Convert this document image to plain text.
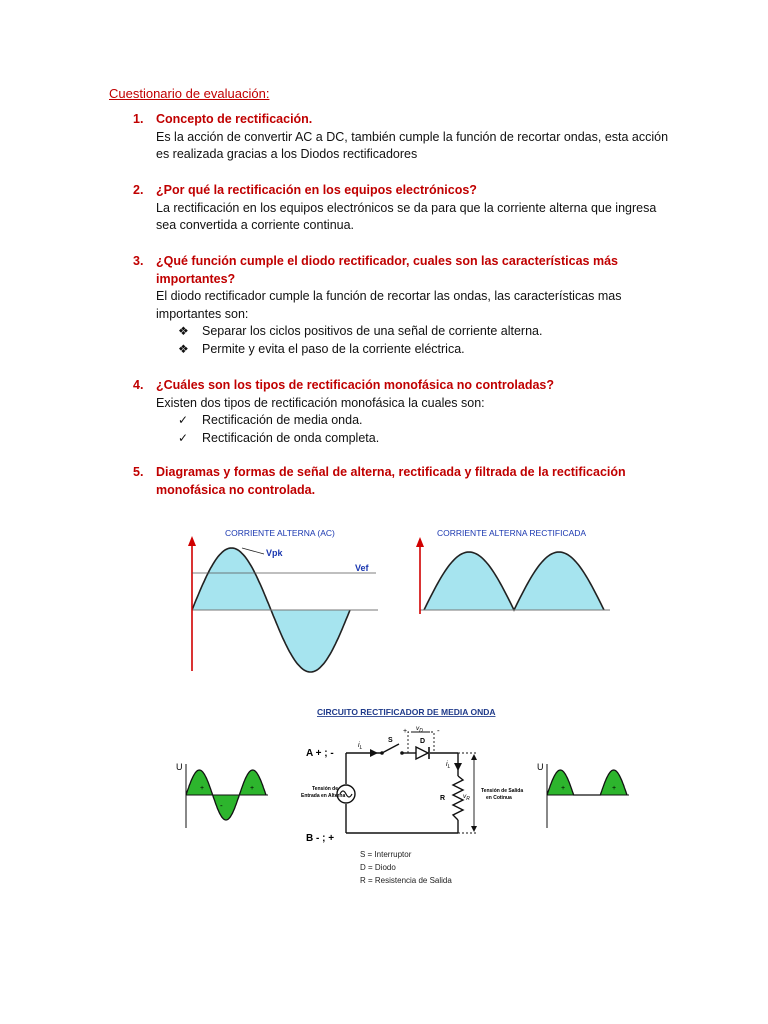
Cuestionario de evaluación:
1. Concepto de rectificación.
Es la acción de convertir AC a DC, también cumple la función de recortar ondas, esta acción es realizada gracias a los Diodos rectificadores
2. ¿Por qué la rectificación en los equipos electrónicos?
La rectificación en los equipos electrónicos se da para que la corriente alterna que ingresa sea convertida a corriente continua.
3. ¿Qué función cumple el diodo rectificador, cuales son las características más importantes?
El diodo rectificador cumple la función de recortar las ondas, las características mas importantes son:
❖ Separar los ciclos positivos de una señal de corriente alterna.
❖ Permite y evita el paso de la corriente eléctrica.
4. ¿Cuáles son los tipos de rectificación monofásica no controladas?
Existen dos tipos de rectificación monofásica la cuales son:
✓ Rectificación de media onda.
✓ Rectificación de onda completa.
5. Diagramas y formas de señal de alterna, rectificada y filtrada de la rectificación monofásica no controlada.
CORRIENTE ALTERNA (AC)
Vpk
Vef
CORRIENTE ALTERNA RECTIFICADA
U
+
-
+
U
+	+
CIRCUITO RECTIFICADOR DE MEDIA ONDA
$i_L$
S	D
+	-
$v_D$
R
$i_L$
$v_R$
A + ; -
B - ; +
Tensión de Entrada en Alterna
Tensión de Salida en Cotinua
S = Interruptor
D = Diodo
R = Resistencia de Salida
